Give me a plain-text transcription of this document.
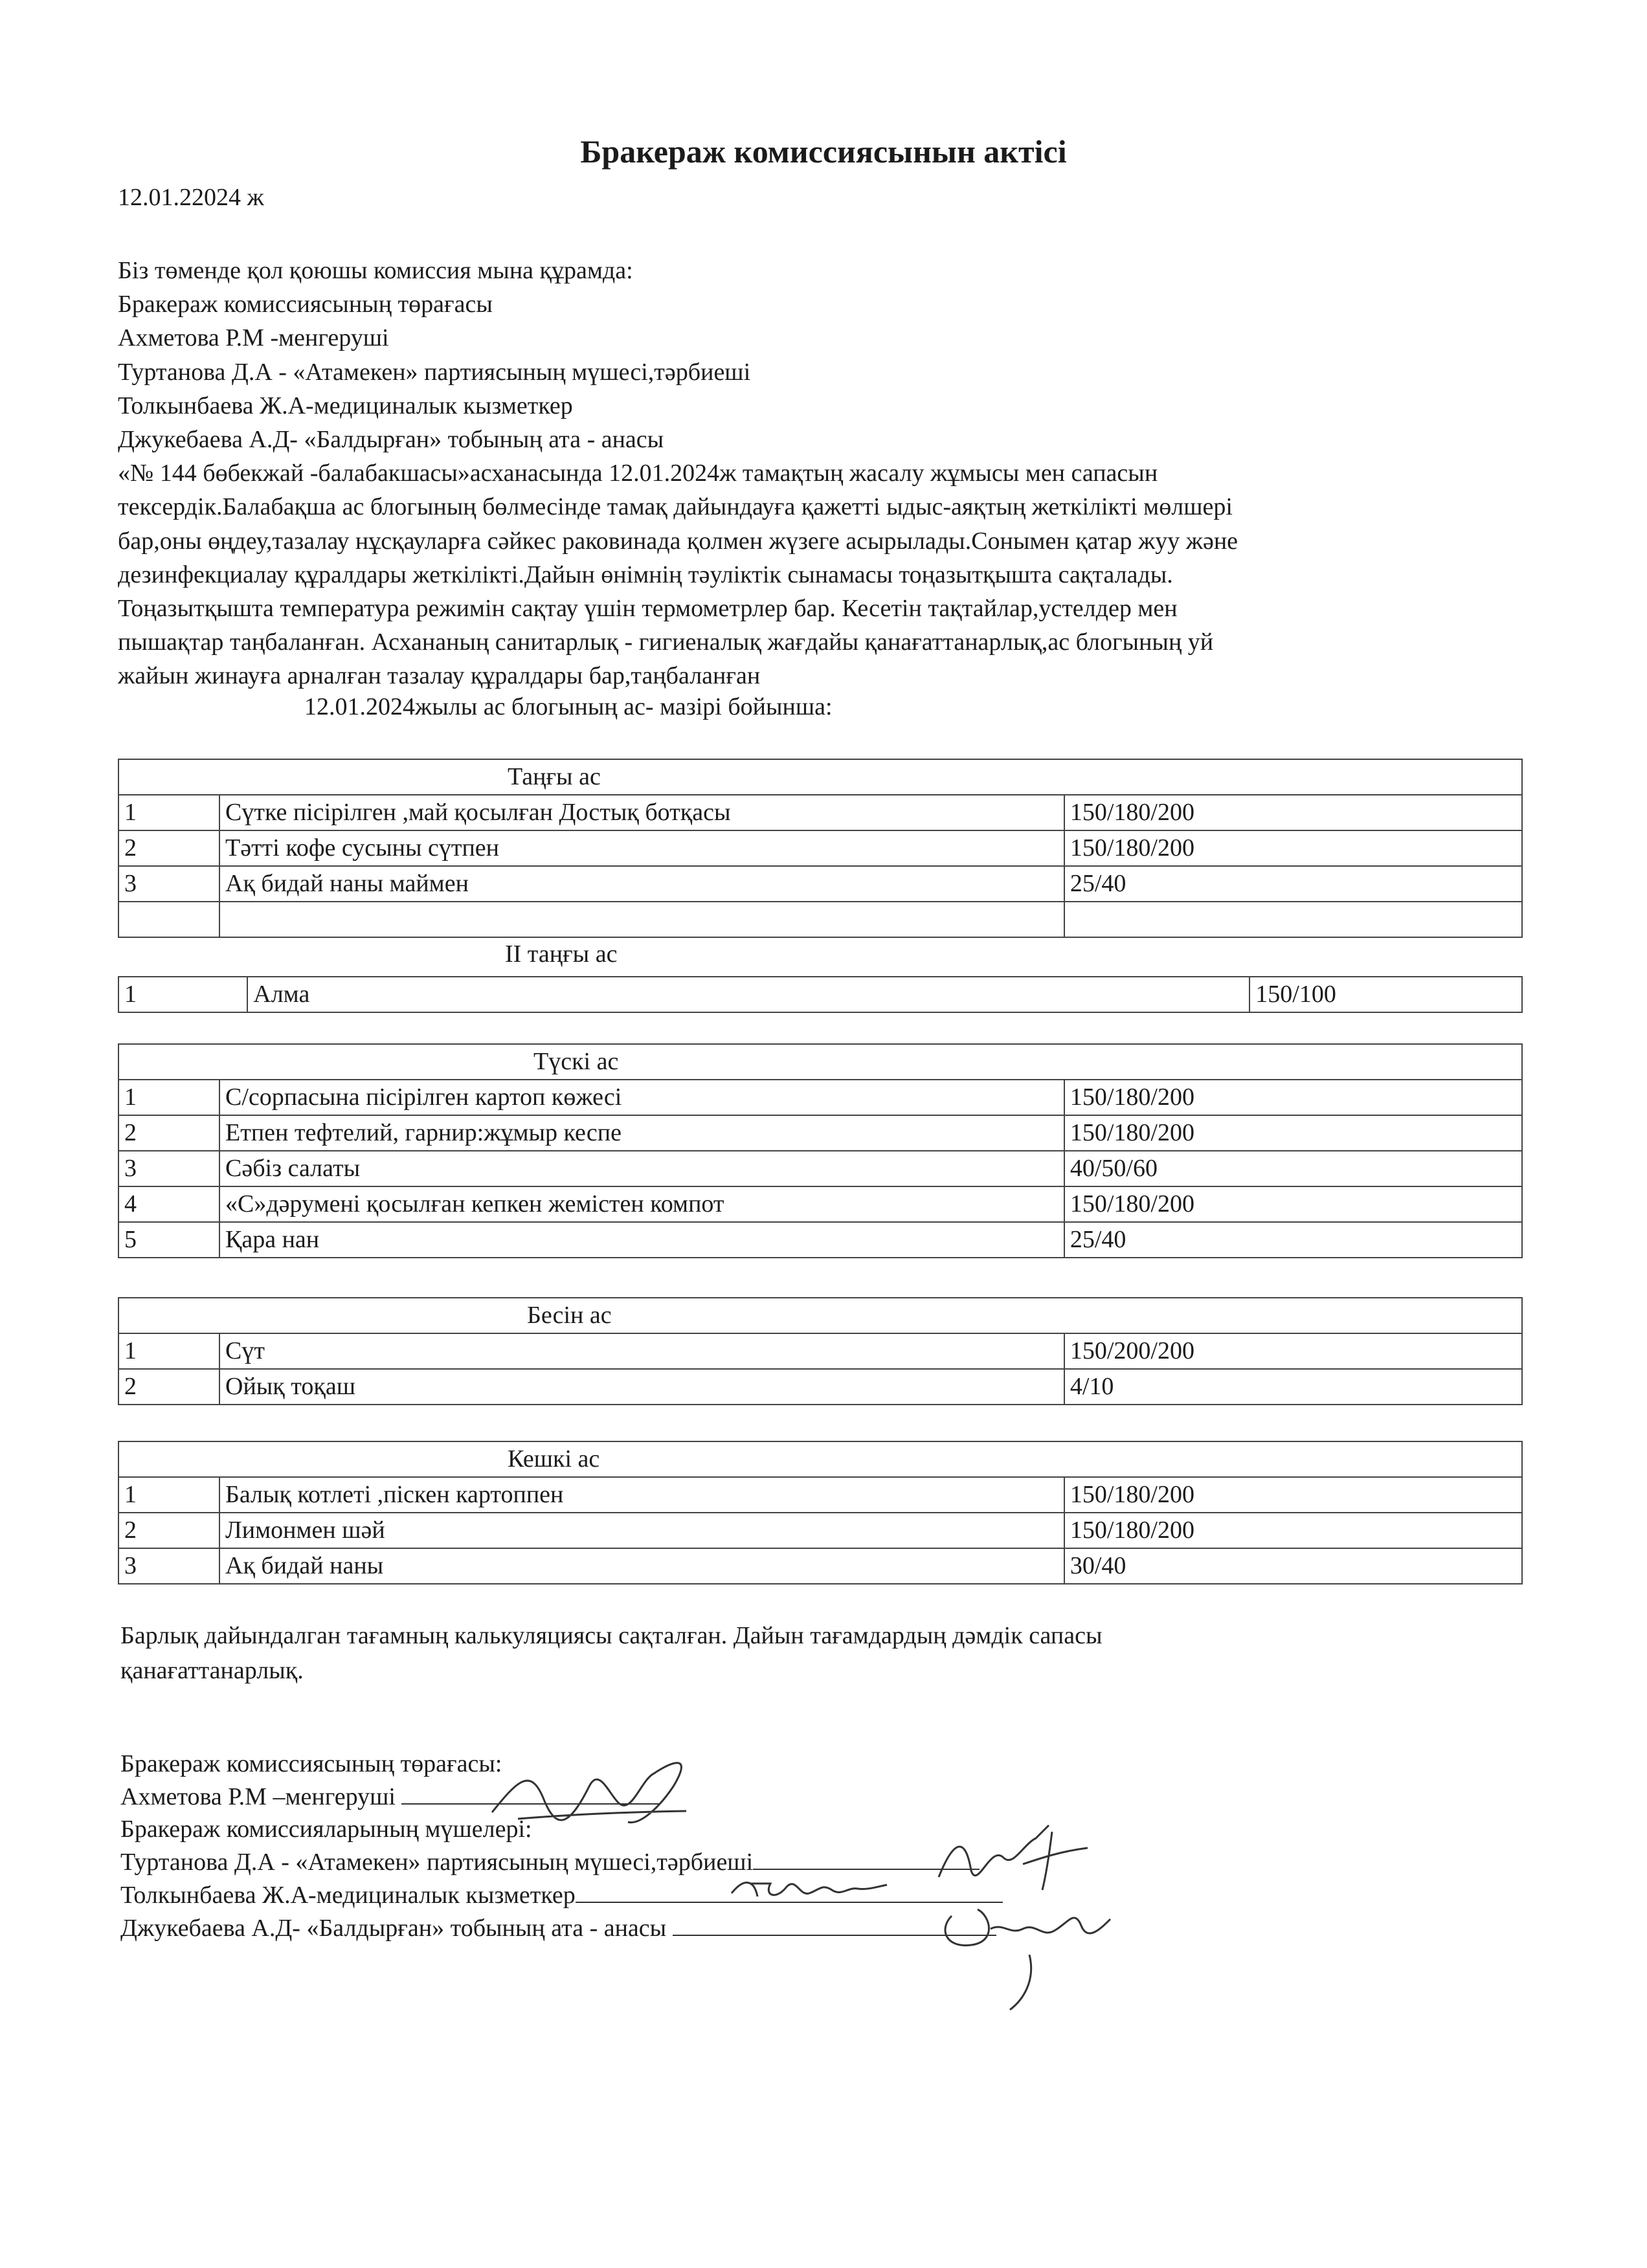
Бракераж комиссиясынын актісі
12.01.22024 ж
Біз төменде қол қоюшы комиссия мына құрамда:
Бракераж комиссиясының төрағасы
Ахметова Р.М -менгеруші
Туртанова Д.А - «Атамекен» партиясының мүшесі,тәрбиеші
Толкынбаева Ж.А-медициналык кызметкер
Джукебаева А.Д- «Балдырған» тобының ата - анасы
«№ 144 бөбекжай -балабакшасы»асханасында 12.01.2024ж тамақтың жасалу жұмысы мен сапасын
тексердік.Балабақша ас блогының бөлмесінде тамақ дайындауға қажетті ыдыс-аяқтың жеткілікті мөлшері
бар,оны өңдеу,тазалау нұсқауларға сәйкес раковинада қолмен жүзеге асырылады.Сонымен қатар жуу және
дезинфекциалау құралдары жеткілікті.Дайын өнімнің тәуліктік сынамасы тоңазытқышта сақталады.
Тоңазытқышта температура режимін сақтау үшін термометрлер бар. Кесетін тақтайлар,устелдер мен
пышақтар таңбаланған. Асхананың санитарлық - гигиеналық жағдайы қанағаттанарлық,ас блогының уй
жайын жинауға арналған тазалау құралдары бар,таңбаланған
12.01.2024жылы ас блогының ас- мазірі бойынша:
Таңғы ас		
1	Сүтке пісірілген ,май қосылған Достық ботқасы	150/180/200
2	Тәтті кофе сусыны сүтпен	150/180/200
3	Ақ бидай наны маймен	25/40

ІІ таңғы ас
1	Алма	150/100
Түскі ас		
1	С/сорпасына пісірілген картоп көжесі	150/180/200
2	Етпен тефтелий, гарнир:жұмыр кеспе	150/180/200
3	Сәбіз салаты	40/50/60
4	«С»дәрумені қосылған кепкен жемістен компот	150/180/200
5	Қара нан	25/40
Бесін ас		
1	Сүт	150/200/200
2	Ойық тоқаш	4/10
Кешкі ас		
1	Балық котлеті ,піскен картоппен	150/180/200
2	Лимонмен шәй	150/180/200
3	Ақ бидай наны	30/40
Барлық дайындалган тағамның калькуляциясы сақталған. Дайын тағамдардың дәмдік сапасы
қанағаттанарлық.
Бракераж комиссиясының төрағасы:
Ахметова Р.М –менгеруші
Бракераж комиссияларының мүшелері:
Туртанова Д.А - «Атамекен» партиясының мүшесі,тәрбиеші
Толкынбаева Ж.А-медициналык кызметкер
Джукебаева А.Д- «Балдырған» тобының ата - анасы
